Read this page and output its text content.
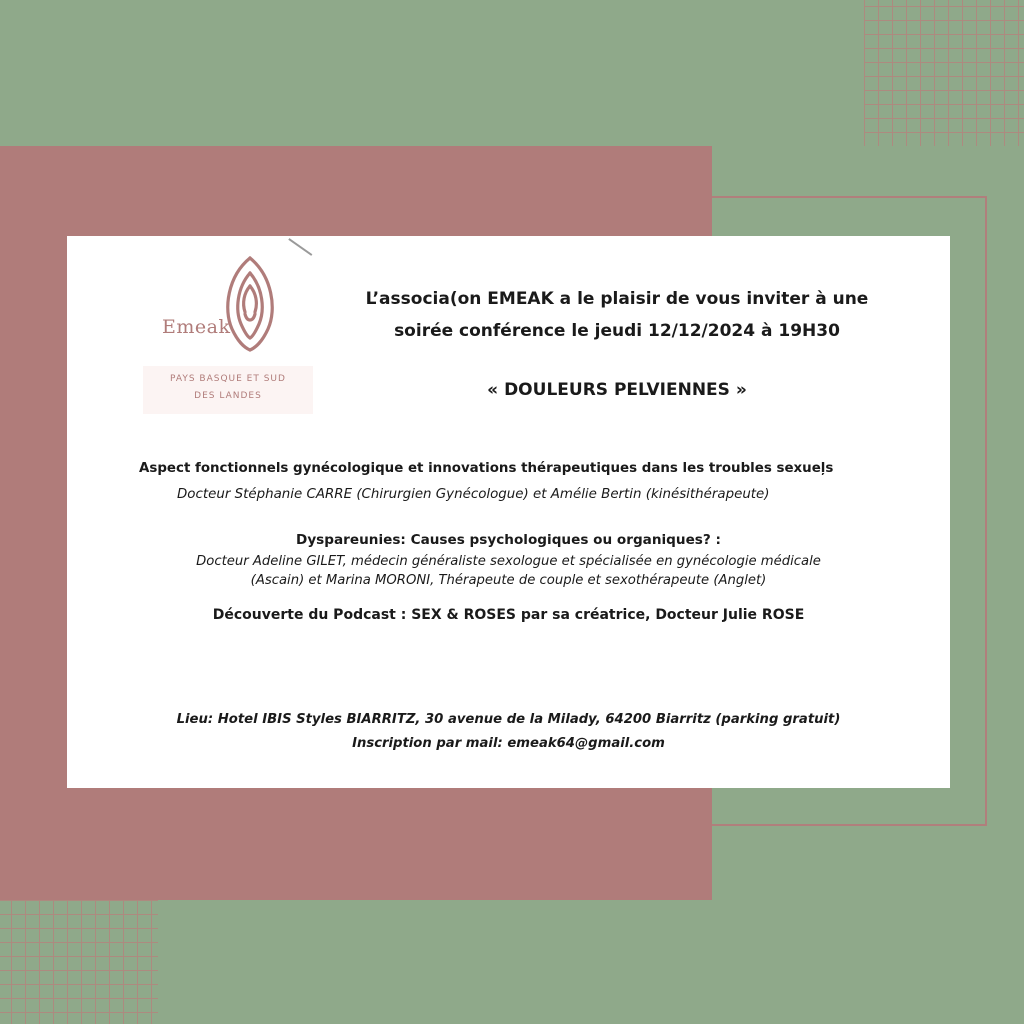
Emeak
PAYS BASQUE ET SUD
DES LANDES
L’associa(on EMEAK a le plaisir de vous inviter à une
soirée conférence le jeudi 12/12/2024 à 19H30
« DOULEURS PELVIENNES »
Aspect fonctionnels gynécologique et innovations thérapeutiques dans les troubles sexueļs
Docteur Stéphanie CARRE (Chirurgien Gynécologue) et Amélie Bertin (kinésithérapeute)
Dyspareunies: Causes psychologiques ou organiques? :
Docteur Adeline GILET, médecin généraliste sexologue et spécialisée en gynécologie médicale
(Ascain) et Marina MORONI, Thérapeute de couple et sexothérapeute (Anglet)
Découverte du Podcast : SEX & ROSES par sa créatrice, Docteur Julie ROSE
Lieu: Hotel IBIS Styles BIARRITZ, 30 avenue de la Milady, 64200 Biarritz (parking gratuit)
Inscription par mail: emeak64@gmail.com
